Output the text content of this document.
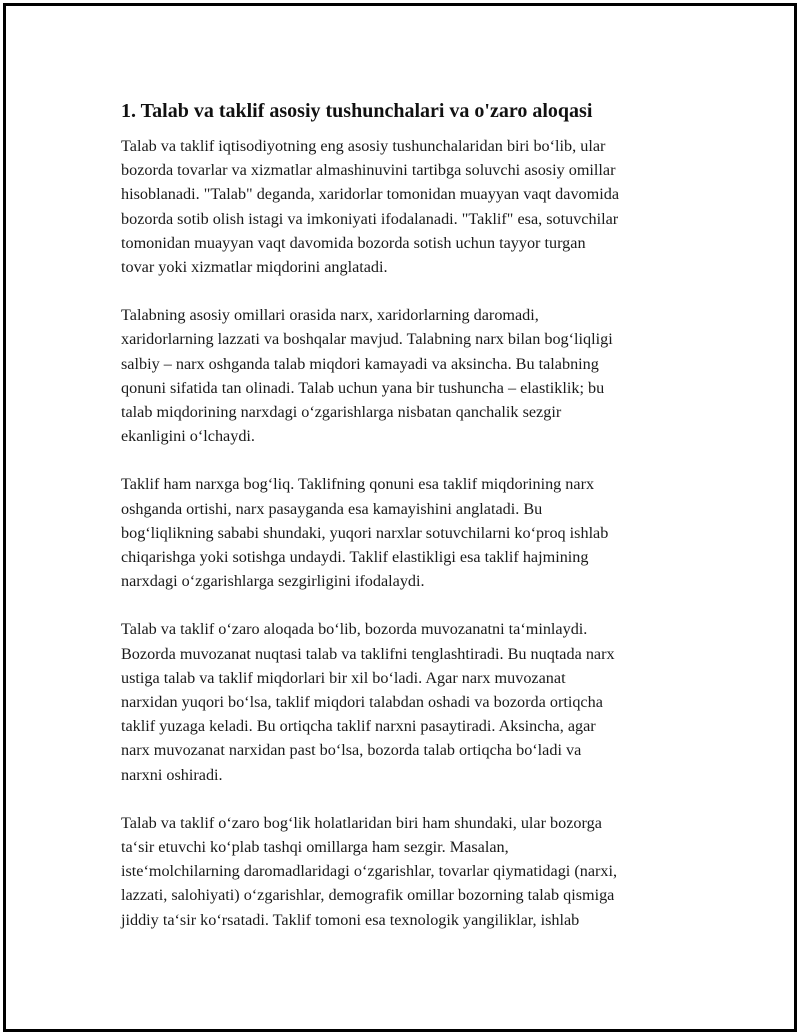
1. Talab va taklif asosiy tushunchalari va o'zaro aloqasi

Talab va taklif iqtisodiyotning eng asosiy tushunchalaridan biri bo‘lib, ular
bozorda tovarlar va xizmatlar almashinuvini tartibga soluvchi asosiy omillar
hisoblanadi. "Talab" deganda, xaridorlar tomonidan muayyan vaqt davomida
bozorda sotib olish istagi va imkoniyati ifodalanadi. "Taklif" esa, sotuvchilar
tomonidan muayyan vaqt davomida bozorda sotish uchun tayyor turgan
tovar yoki xizmatlar miqdorini anglatadi.

Talabning asosiy omillari orasida narx, xaridorlarning daromadi,
xaridorlarning lazzati va boshqalar mavjud. Talabning narx bilan bog‘liqligi
salbiy – narx oshganda talab miqdori kamayadi va aksincha. Bu talabning
qonuni sifatida tan olinadi. Talab uchun yana bir tushuncha – elastiklik; bu
talab miqdorining narxdagi o‘zgarishlarga nisbatan qanchalik sezgir
ekanligini o‘lchaydi.

Taklif ham narxga bog‘liq. Taklifning qonuni esa taklif miqdorining narx
oshganda ortishi, narx pasayganda esa kamayishini anglatadi. Bu
bog‘liqlikning sababi shundaki, yuqori narxlar sotuvchilarni ko‘proq ishlab
chiqarishga yoki sotishga undaydi. Taklif elastikligi esa taklif hajmining
narxdagi o‘zgarishlarga sezgirligini ifodalaydi.

Talab va taklif o‘zaro aloqada bo‘lib, bozorda muvozanatni ta‘minlaydi.
Bozorda muvozanat nuqtasi talab va taklifni tenglashtiradi. Bu nuqtada narx
ustiga talab va taklif miqdorlari bir xil bo‘ladi. Agar narx muvozanat
narxidan yuqori bo‘lsa, taklif miqdori talabdan oshadi va bozorda ortiqcha
taklif yuzaga keladi. Bu ortiqcha taklif narxni pasaytiradi. Aksincha, agar
narx muvozanat narxidan past bo‘lsa, bozorda talab ortiqcha bo‘ladi va
narxni oshiradi.

Talab va taklif o‘zaro bog‘lik holatlaridan biri ham shundaki, ular bozorga
ta‘sir etuvchi ko‘plab tashqi omillarga ham sezgir. Masalan,
iste‘molchilarning daromadlaridagi o‘zgarishlar, tovarlar qiymatidagi (narxi,
lazzati, salohiyati) o‘zgarishlar, demografik omillar bozorning talab qismiga
jiddiy ta‘sir ko‘rsatadi. Taklif tomoni esa texnologik yangiliklar, ishlab
